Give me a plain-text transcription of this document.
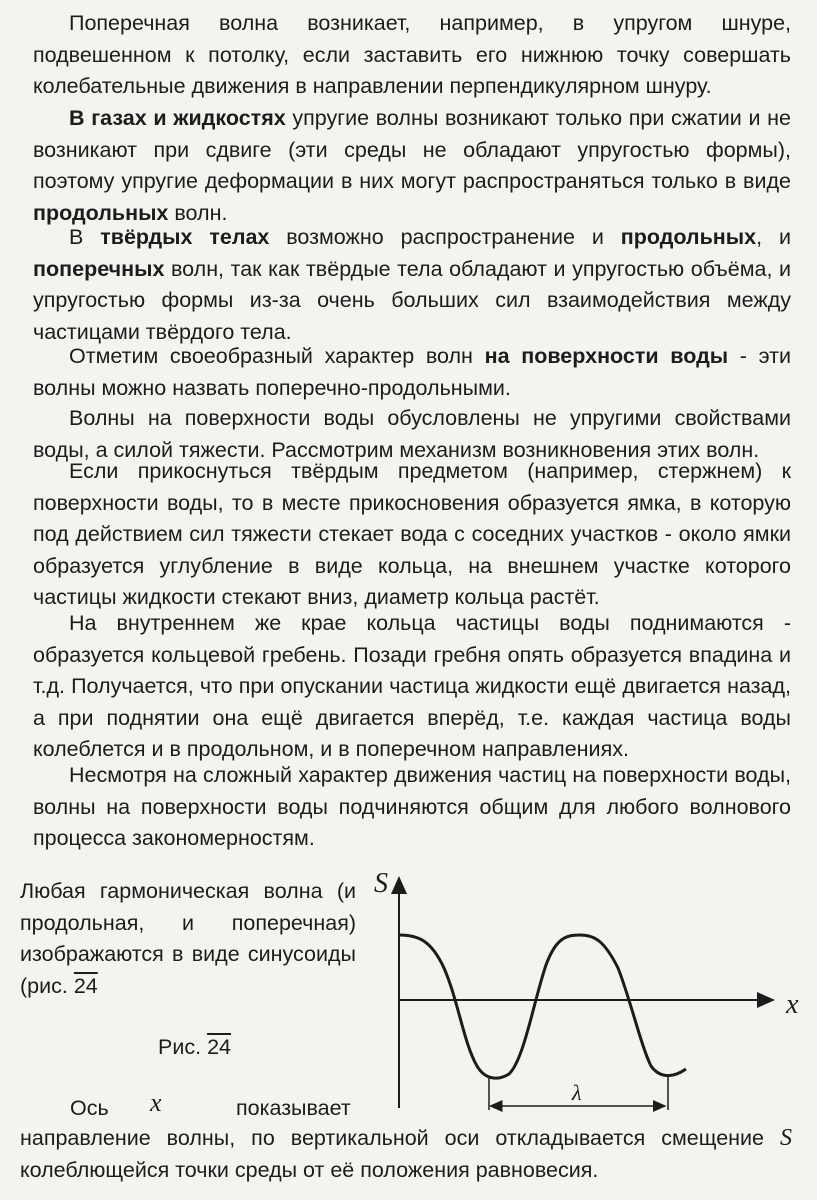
Поперечная волна возникает, например, в упругом шнуре, подвешенном к потолку, если заставить его нижнюю точку совершать колебательные движения в направлении перпендикулярном шнуру.

В газах и жидкостях упругие волны возникают только при сжатии и не возникают при сдвиге (эти среды не обладают упругостью формы), поэтому упругие деформации в них могут распространяться только в виде продольных волн.

В твёрдых телах возможно распространение и продольных, и поперечных волн, так как твёрдые тела обладают и упругостью объёма, и упругостью формы из-за очень больших сил взаимодействия между частицами твёрдого тела.

Отметим своеобразный характер волн на поверхности воды - эти волны можно назвать поперечно-продольными.

Волны на поверхности воды обусловлены не упругими свойствами воды, а силой тяжести. Рассмотрим механизм возникновения этих волн.

Если прикоснуться твёрдым предметом (например, стержнем) к поверхности воды, то в месте прикосновения образуется ямка, в которую под действием сил тяжести стекает вода с соседних участков - около ямки образуется углубление в виде кольца, на внешнем участке которого частицы жидкости стекают вниз, диаметр кольца растёт.

На внутреннем же крае кольца частицы воды поднимаются - образуется кольцевой гребень. Позади гребня опять образуется впадина и т.д. Получается, что при опускании частица жидкости ещё двигается назад, а при поднятии она ещё двигается вперёд, т.е. каждая частица воды колеблется и в продольном, и в поперечном направлениях.

Несмотря на сложный характер движения частиц на поверхности воды, волны на поверхности воды подчиняются общим для любого волнового процесса закономерностям.

Любая гармоническая волна (и продольная, и поперечная) изображаются в виде синусоиды (рис. 24
Рис. 24
S
x
λ
Ось x	показывает
направление волны, по вертикальной оси откладывается смещение S колеблющейся точки среды от её положения равновесия.
